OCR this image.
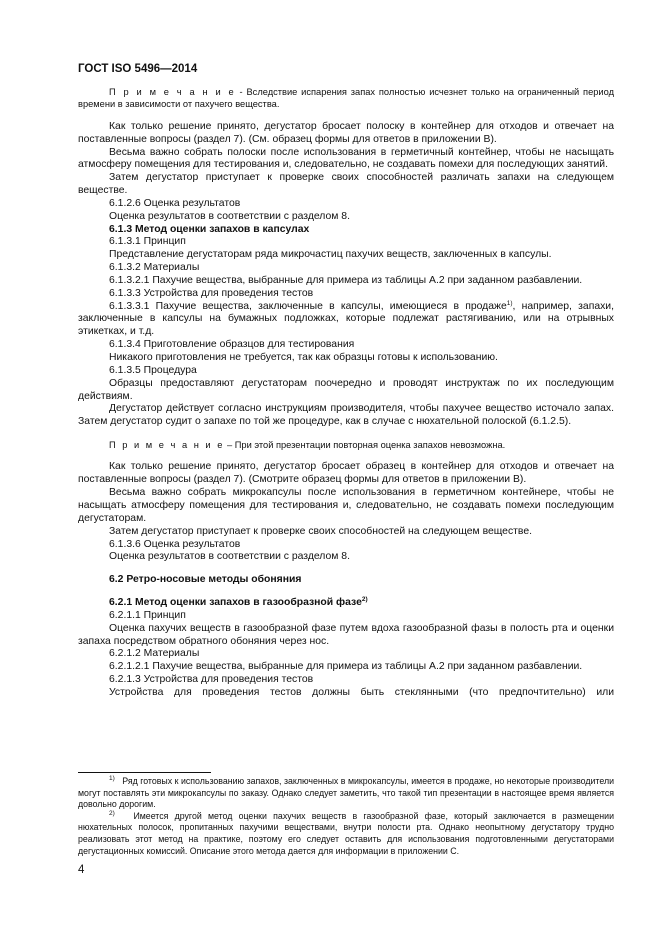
ГОСТ ISO 5496—2014

П р и м е ч а н и е - Вследствие испарения запах полностью исчезнет только на ограниченный период времени в зависимости от пахучего вещества.

Как только решение принято, дегустатор бросает полоску в контейнер для отходов и отвечает на поставленные вопросы (раздел 7). (См. образец формы для ответов в приложении В).

Весьма важно собрать полоски после использования в герметичный контейнер, чтобы не насыщать атмосферу помещения для тестирования и, следовательно, не создавать помехи для последующих занятий.

Затем дегустатор приступает к проверке своих способностей различать запахи на следующем веществе.

6.1.2.6 Оценка результатов

Оценка результатов в соответствии с разделом 8.

6.1.3 Метод оценки запахов в капсулах

6.1.3.1 Принцип

Представление дегустаторам ряда микрочастиц пахучих веществ, заключенных в капсулы.

6.1.3.2 Материалы

6.1.3.2.1 Пахучие вещества, выбранные для примера из таблицы А.2 при заданном разбавлении.

6.1.3.3 Устройства для проведения тестов

6.1.3.3.1 Пахучие вещества, заключенные в капсулы, имеющиеся в продаже$^{1)}$, например, запахи, заключенные в капсулы на бумажных подложках, которые подлежат растягиванию, или на отрывных этикетках, и т.д.

6.1.3.4 Приготовление образцов для тестирования

Никакого приготовления не требуется, так как образцы готовы к использованию.

6.1.3.5 Процедура

Образцы предоставляют дегустаторам поочередно и проводят инструктаж по их последующим действиям.

Дегустатор действует согласно инструкциям производителя, чтобы пахучее вещество источало запах. Затем дегустатор судит о запахе по той же процедуре, как в случае с нюхательной полоской (6.1.2.5).

П р и м е ч а н и е – При этой презентации повторная оценка запахов невозможна.

Как только решение принято, дегустатор бросает образец в контейнер для отходов и отвечает на поставленные вопросы (раздел 7). (Смотрите образец формы для ответов в приложении В).

Весьма важно собрать микрокапсулы после использования в герметичном контейнере, чтобы не насыщать атмосферу помещения для тестирования и, следовательно, не создавать помехи последующим дегустаторам.

Затем дегустатор приступает к проверке своих способностей на следующем веществе.

6.1.3.6 Оценка результатов

Оценка результатов в соответствии с разделом 8.

6.2 Ретро-носовые методы обоняния

6.2.1 Метод оценки запахов в газообразной фазе$^{2)}$

6.2.1.1 Принцип

Оценка пахучих веществ в газообразной фазе путем вдоха газообразной фазы в полость рта и оценки запаха посредством обратного обоняния через нос.

6.2.1.2 Материалы

6.2.1.2.1 Пахучие вещества, выбранные для примера из таблицы А.2 при заданном разбавлении.

6.2.1.3 Устройства для проведения тестов

Устройства для проведения тестов должны быть стеклянными (что предпочтительно) или

$^{1)}$ Ряд готовых к использованию запахов, заключенных в микрокапсулы, имеется в продаже, но некоторые производители могут поставлять эти микрокапсулы по заказу. Однако следует заметить, что такой тип презентации в настоящее время является довольно дорогим.

$^{2)}$ Имеется другой метод оценки пахучих веществ в газообразной фазе, который заключается в размещении нюхательных полосок, пропитанных пахучими веществами, внутри полости рта. Однако неопытному дегустатору трудно реализовать этот метод на практике, поэтому его следует оставить для использования подготовленными дегустаторами дегустационных комиссий. Описание этого метода дается для информации в приложении С.

4
